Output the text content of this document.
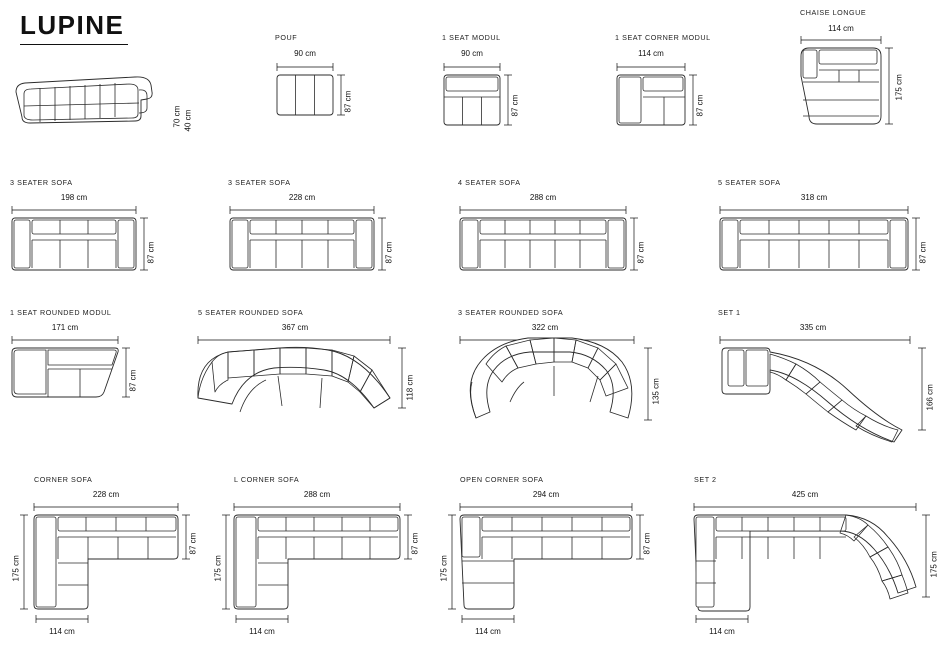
LUPINE
70 cm 40 cm
POUF
90 cm
87 cm
1 SEAT MODUL
90 cm
87 cm
1 SEAT CORNER MODUL
114 cm
87 cm
CHAISE LONGUE
114 cm
175 cm
3 SEATER SOFA
198 cm
87 cm
3 SEATER SOFA
228 cm
87 cm
4 SEATER SOFA
288 cm
87 cm
5 SEATER SOFA
318 cm
87 cm
1 SEAT ROUNDED MODUL
171 cm
87 cm
5 SEATER ROUNDED SOFA
367 cm
118 cm
3 SEATER ROUNDED SOFA
322 cm
135 cm
SET 1
335 cm
166 cm
CORNER SOFA
228 cm
87 cm
175 cm
114 cm
L CORNER SOFA
288 cm
87 cm
175 cm
114 cm
OPEN CORNER SOFA
294 cm
87 cm
175 cm
114 cm
SET 2
425 cm
175 cm
114 cm
